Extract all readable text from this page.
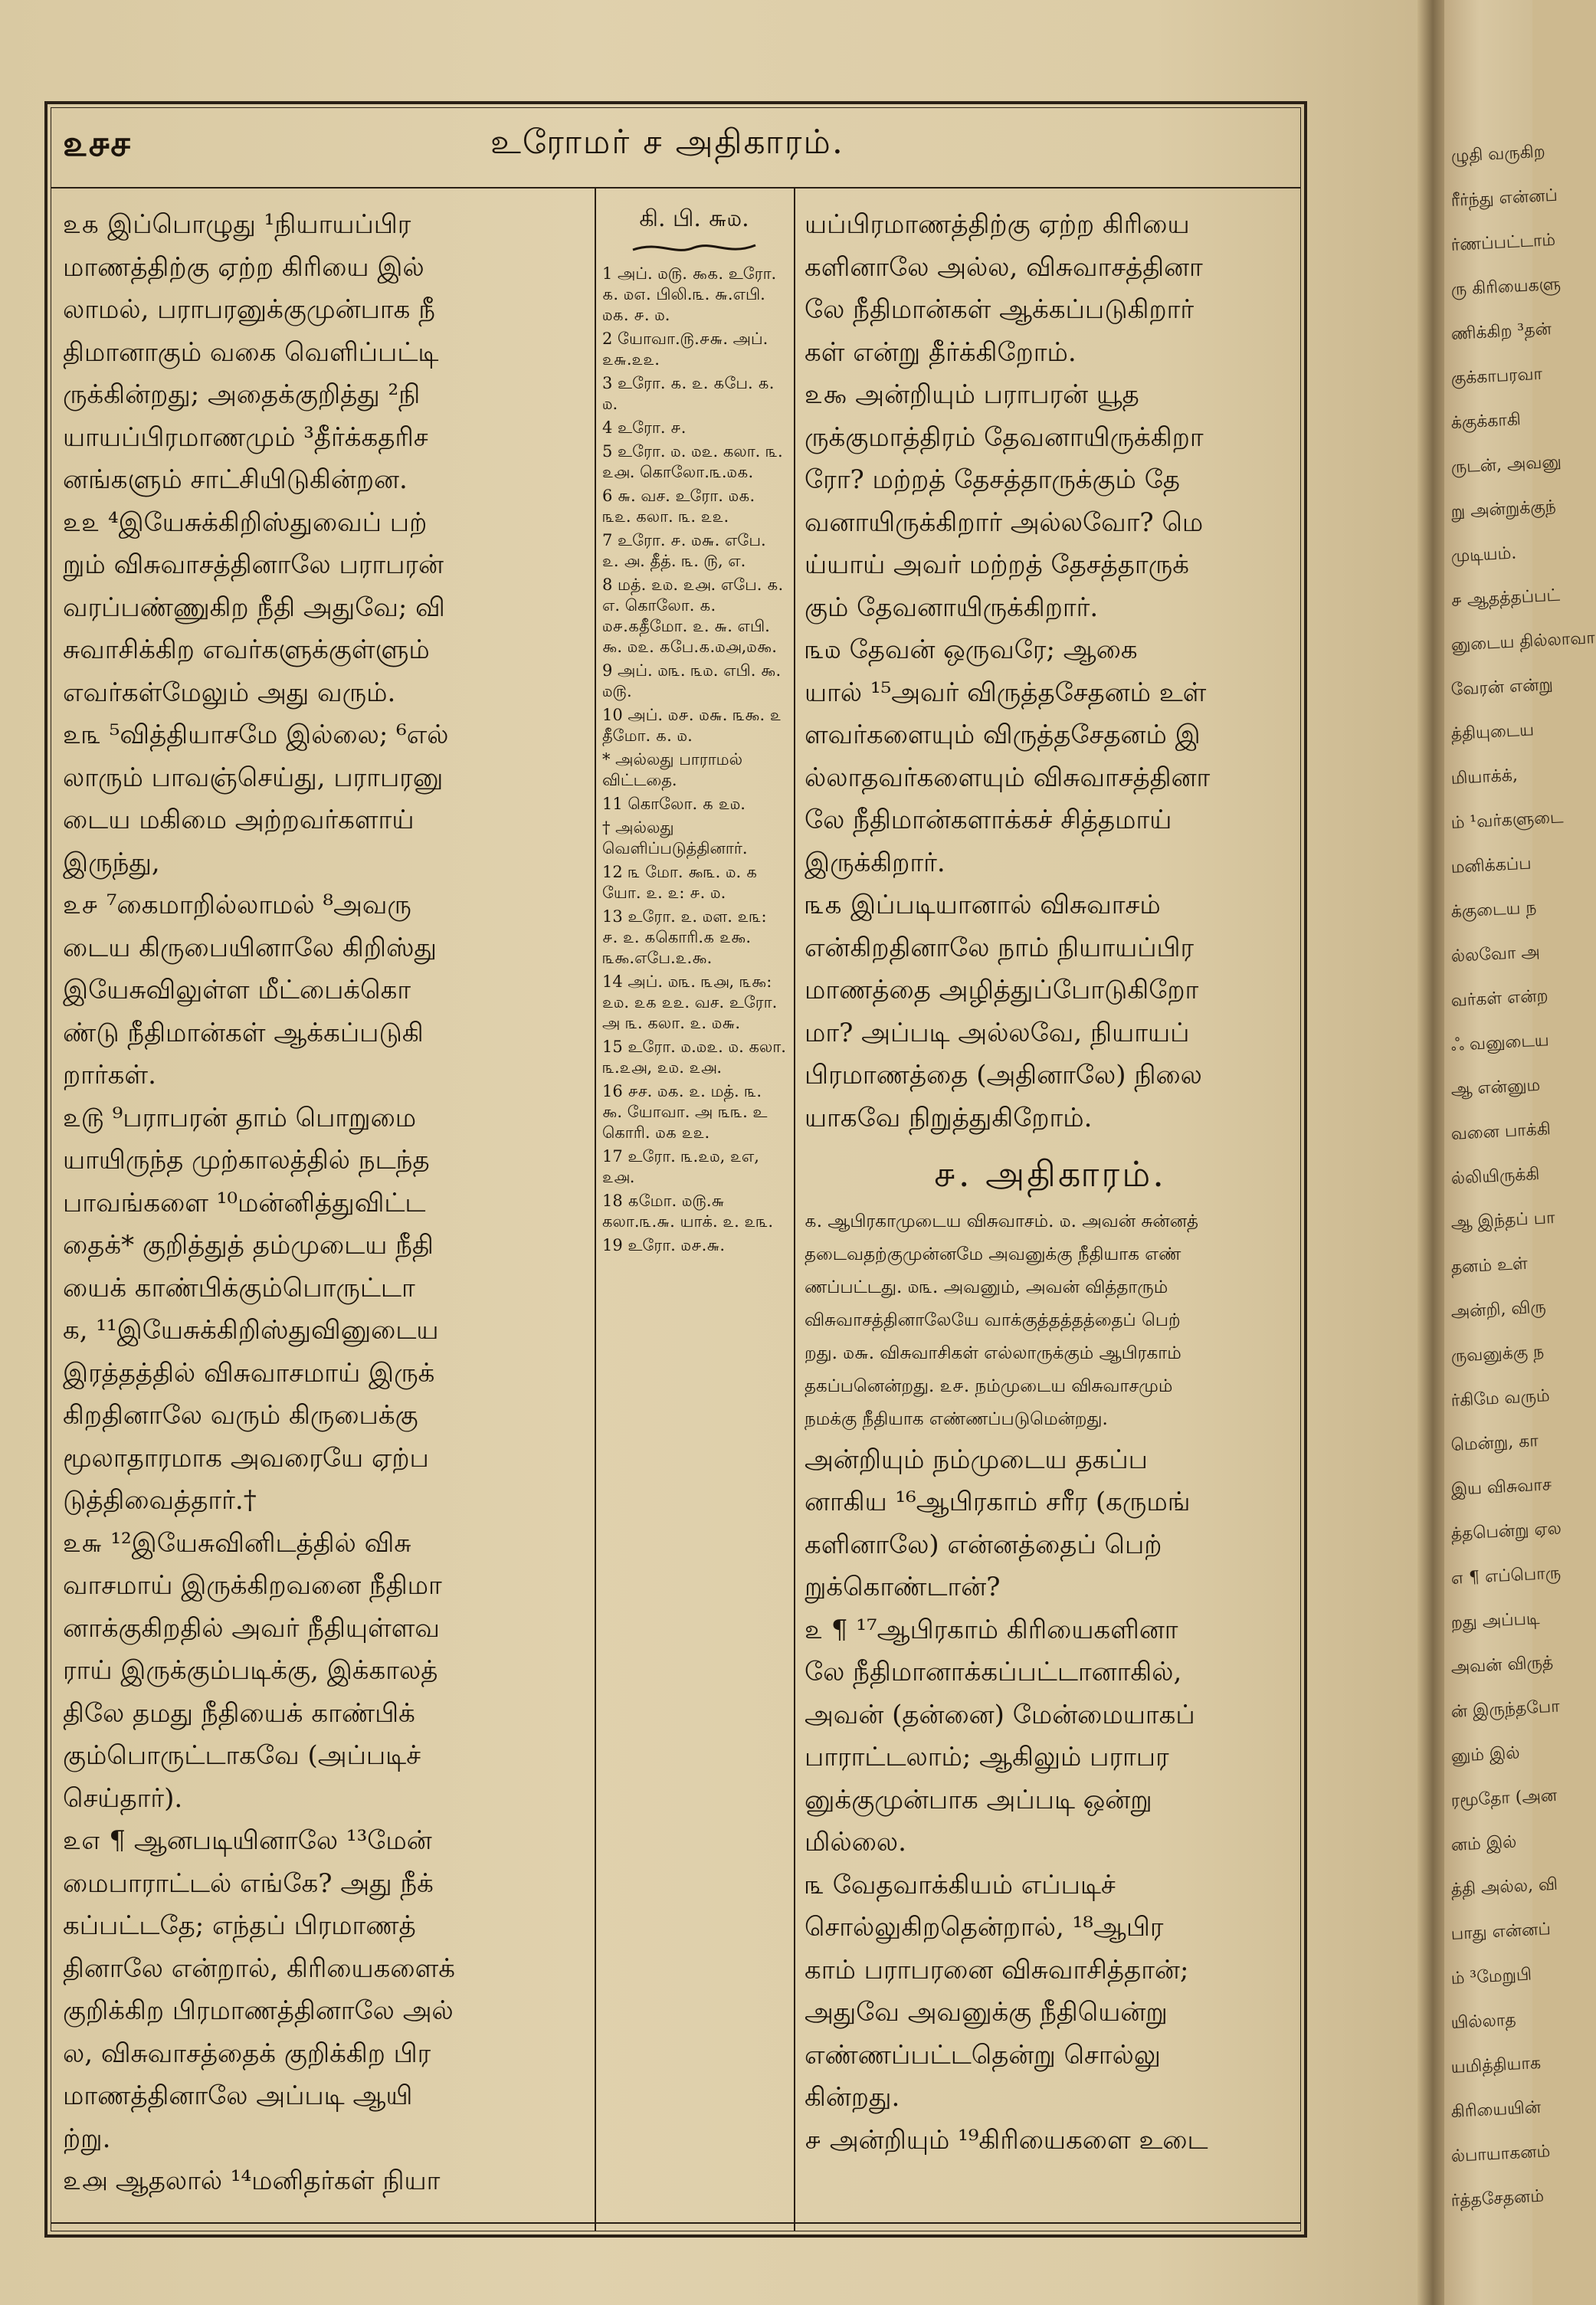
ழுதி வருகிற
ரீர்ந்து என்னப்
ர்ணப்பட்டாம்
ரு கிரியைகளு
ணிக்கிற ³தன்
குக்காபரவா
க்குக்காகி
ருடன், அவனு
று அன்றுக்குந்
முடியம்.
௪ ஆதத்தப்பட்
னுடைய தில்லாவா
வேரன் என்று
த்தியுடைய
மியாக்க்,
ம் ¹வர்களுடை
மனிக்கப்ப
க்குடைய ந
ல்லவோ அ
வர்கள் என்ற
ஃ வனுடைய
ஆ என்னும
வனை பாக்கி
ல்லியிருக்கி
ஆ இந்தப் பா
தனம் உள்
அன்றி, விரு
ருவனுக்கு ந
ர்கிமே வரும்
மென்று, கா
இய விசுவாச
த்தபென்று ஏல
௭ ¶ எப்பொரு
றது அப்படி
அவன் விருத்
ன் இருந்தபோ
னும் இல்
ரமூதோ (அன
னம் இல்
த்தி அல்ல, வி
பாது என்னப்
ம் ³மேறுபி
யில்லாத
யமித்தியாக
கிரியையின்
ல்பாயாகனம்
ர்த்தசேதனம்
௨௪ச	உரோமர் ச அதிகாரம்.

௨௧ இப்பொழுது ¹நியாயப்பிர

மாணத்திற்கு ஏற்ற கிரியை இல்

லாமல், பராபரனுக்குமுன்பாக நீ

திமானாகும் வகை வெளிப்பட்டி

ருக்கின்றது; அதைக்குறித்து ²நி

யாயப்பிரமாணமும் ³தீர்க்கதரிச

னங்களும் சாட்சியிடுகின்றன.

௨௨ ⁴இயேசுக்கிறிஸ்துவைப் பற்

றும் விசுவாசத்தினாலே பராபரன்

வரப்பண்ணுகிற நீதி அதுவே; வி

சுவாசிக்கிற எவர்களுக்குள்ளும்

எவர்கள்மேலும் அது வரும்.

௨௩ ⁵வித்தியாசமே இல்லை; ⁶எல்

லாரும் பாவஞ்செய்து, பராபரனு

டைய மகிமை அற்றவர்களாய்

இருந்து,

௨௪ ⁷கைமாறில்லாமல் ⁸அவரு

டைய கிருபையினாலே கிறிஸ்து

இயேசுவிலுள்ள மீட்பைக்கொ

ண்டு நீதிமான்கள் ஆக்கப்படுகி

றார்கள்.

௨௫ ⁹பராபரன் தாம் பொறுமை

யாயிருந்த முற்காலத்தில் நடந்த

பாவங்களை ¹⁰மன்னித்துவிட்ட

தைக்* குறித்துத் தம்முடைய நீதி

யைக் காண்பிக்கும்பொருட்டா

க, ¹¹இயேசுக்கிறிஸ்துவினுடைய

இரத்தத்தில் விசுவாசமாய் இருக்

கிறதினாலே வரும் கிருபைக்கு

மூலாதாரமாக அவரையே ஏற்ப

டுத்திவைத்தார்.†

௨௬ ¹²இயேசுவினிடத்தில் விசு

வாசமாய் இருக்கிறவனை நீதிமா

னாக்குகிறதில் அவர் நீதியுள்ளவ

ராய் இருக்கும்படிக்கு, இக்காலத்

திலே தமது நீதியைக் காண்பிக்

கும்பொருட்டாகவே (அப்படிச்

செய்தார்).

௨௭ ¶ ஆனபடியினாலே ¹³மேன்

மைபாராட்டல் எங்கே? அது நீக்

கப்பட்டதே; எந்தப் பிரமாணத்

தினாலே என்றால், கிரியைகளைக்

குறிக்கிற பிரமாணத்தினாலே அல்

ல, விசுவாசத்தைக் குறிக்கிற பிர

மாணத்தினாலே அப்படி ஆயி

ற்று.

௨௮ ஆதலால் ¹⁴மனிதர்கள் நியா

கி. பி. ௬௰.

1 அப். ௰௫. ௯௧. உரோ. ௧. ௰௭. பிலி.௩. ௬.எபி. ௰௧. ௪. ௰.

2 யோவா.௫.௪௬. அப். ௨௬.௨௨.

3 உரோ. ௧. ௨. ௧பே. ௧. ௰.

4 உரோ. ௪.

5 உரோ. ௰. ௰௨. கலா. ௩. ௨௮. கொலோ.௩.௰௧.

6 ௬. வச. உரோ. ௰௧. ௩௨. கலா. ௩. ௨௨.

7 உரோ. ௪. ௰௬. எபே. ௨. ௮. தீத். ௩. ௫, எ.

8 மத். ௨௰. ௨௮. எபே. ௧. எ. கொலோ. ௧. ௰௪.௧தீமோ. ௨. ௬. எபி. ௯. ௰௨. ௧பே.௧.௰௮,௰௯.

9 அப். ௰௩. ௩௰. எபி. ௯. ௰௫.

10 அப். ௰௪. ௰௬. ௩௯. ௨ தீமோ. ௧. ௰.

* அல்லது பாராமல் விட்டதை.

11 கொலோ. ௧ ௨௰.

† அல்லது வெளிப்படுத்தினார்.

12 ௩ மோ. ௯௩. ௰. ௧ யோ. ௨. ௨: ௪. ௰.

13 உரோ. ௨. ௰ள. ௨௩: ௪. ௨. ௧கொரி.௧ ௨௯. ௩௯.எபே.௨.௯.

14 அப். ௰௩. ௩௮, ௩௯: ௨௰. ௨௧ ௨௨. வச. உரோ. அ ௩. கலா. ௨. ௰௬.

15 உரோ. ௰.௰௨. ௰. கலா. ௩.௨௮, ௨௰. ௨௮.

16 ௪ச. ௰௧. ௨. மத். ௩. ௯. யோவா. அ ௩௩. உ கொரி. ௰௧ ௨௨.

17 உரோ. ௩.௨௰, ௨எ, ௨௮.

18 ௧மோ. ௰௫.௬ கலா.௩.௬. யாக். ௨. ௨௩.

19 உரோ. ௰௪.௬.

யப்பிரமாணத்திற்கு ஏற்ற கிரியை

களினாலே அல்ல, விசுவாசத்தினா

லே நீதிமான்கள் ஆக்கப்படுகிறார்

கள் என்று தீர்க்கிறோம்.

௨௯ அன்றியும் பராபரன் யூத

ருக்குமாத்திரம் தேவனாயிருக்கிறா

ரோ? மற்றத் தேசத்தாருக்கும் தே

வனாயிருக்கிறார் அல்லவோ? மெ

ய்யாய் அவர் மற்றத் தேசத்தாருக்

கும் தேவனாயிருக்கிறார்.

௩௰ தேவன் ஒருவரே; ஆகை

யால் ¹⁵அவர் விருத்தசேதனம் உள்

ளவர்களையும் விருத்தசேதனம் இ

ல்லாதவர்களையும் விசுவாசத்தினா

லே நீதிமான்களாக்கச் சித்தமாய்

இருக்கிறார்.

௩௧ இப்படியானால் விசுவாசம்

என்கிறதினாலே நாம் நியாயப்பிர

மாணத்தை அழித்துப்போடுகிறோ

மா? அப்படி அல்லவே, நியாயப்

பிரமாணத்தை (அதினாலே) நிலை

யாகவே நிறுத்துகிறோம்.

௪. அதிகாரம்.

௧. ஆபிரகாமுடைய விசுவாசம். ௰. அவன் சுன்னத்

தடைவதற்குமுன்னமே அவனுக்கு நீதியாக எண்

ணப்பட்டது. ௰௩. அவனும், அவன் வித்தாரும்

விசுவாசத்தினாலேயே வாக்குத்தத்தத்தைப் பெற்

றது. ௰௬. விசுவாசிகள் எல்லாருக்கும் ஆபிரகாம்

தகப்பனென்றது. ௨௪. நம்முடைய விசுவாசமும்

நமக்கு நீதியாக எண்ணப்படுமென்றது.

அன்றியும் நம்முடைய தகப்ப

னாகிய ¹⁶ஆபிரகாம் சரீர (கருமங்

களினாலே) என்னத்தைப் பெற்

றுக்கொண்டான்?

௨ ¶ ¹⁷ஆபிரகாம் கிரியைகளினா

லே நீதிமானாக்கப்பட்டானாகில்,

அவன் (தன்னை) மேன்மையாகப்

பாராட்டலாம்; ஆகிலும் பராபர

னுக்குமுன்பாக அப்படி ஒன்று

மில்லை.

௩ வேதவாக்கியம் எப்படிச்

சொல்லுகிறதென்றால், ¹⁸ஆபிர

காம் பராபரனை விசுவாசித்தான்;

அதுவே அவனுக்கு நீதியென்று

எண்ணப்பட்டதென்று சொல்லு

கின்றது.

௪ அன்றியும் ¹⁹கிரியைகளை உடை
